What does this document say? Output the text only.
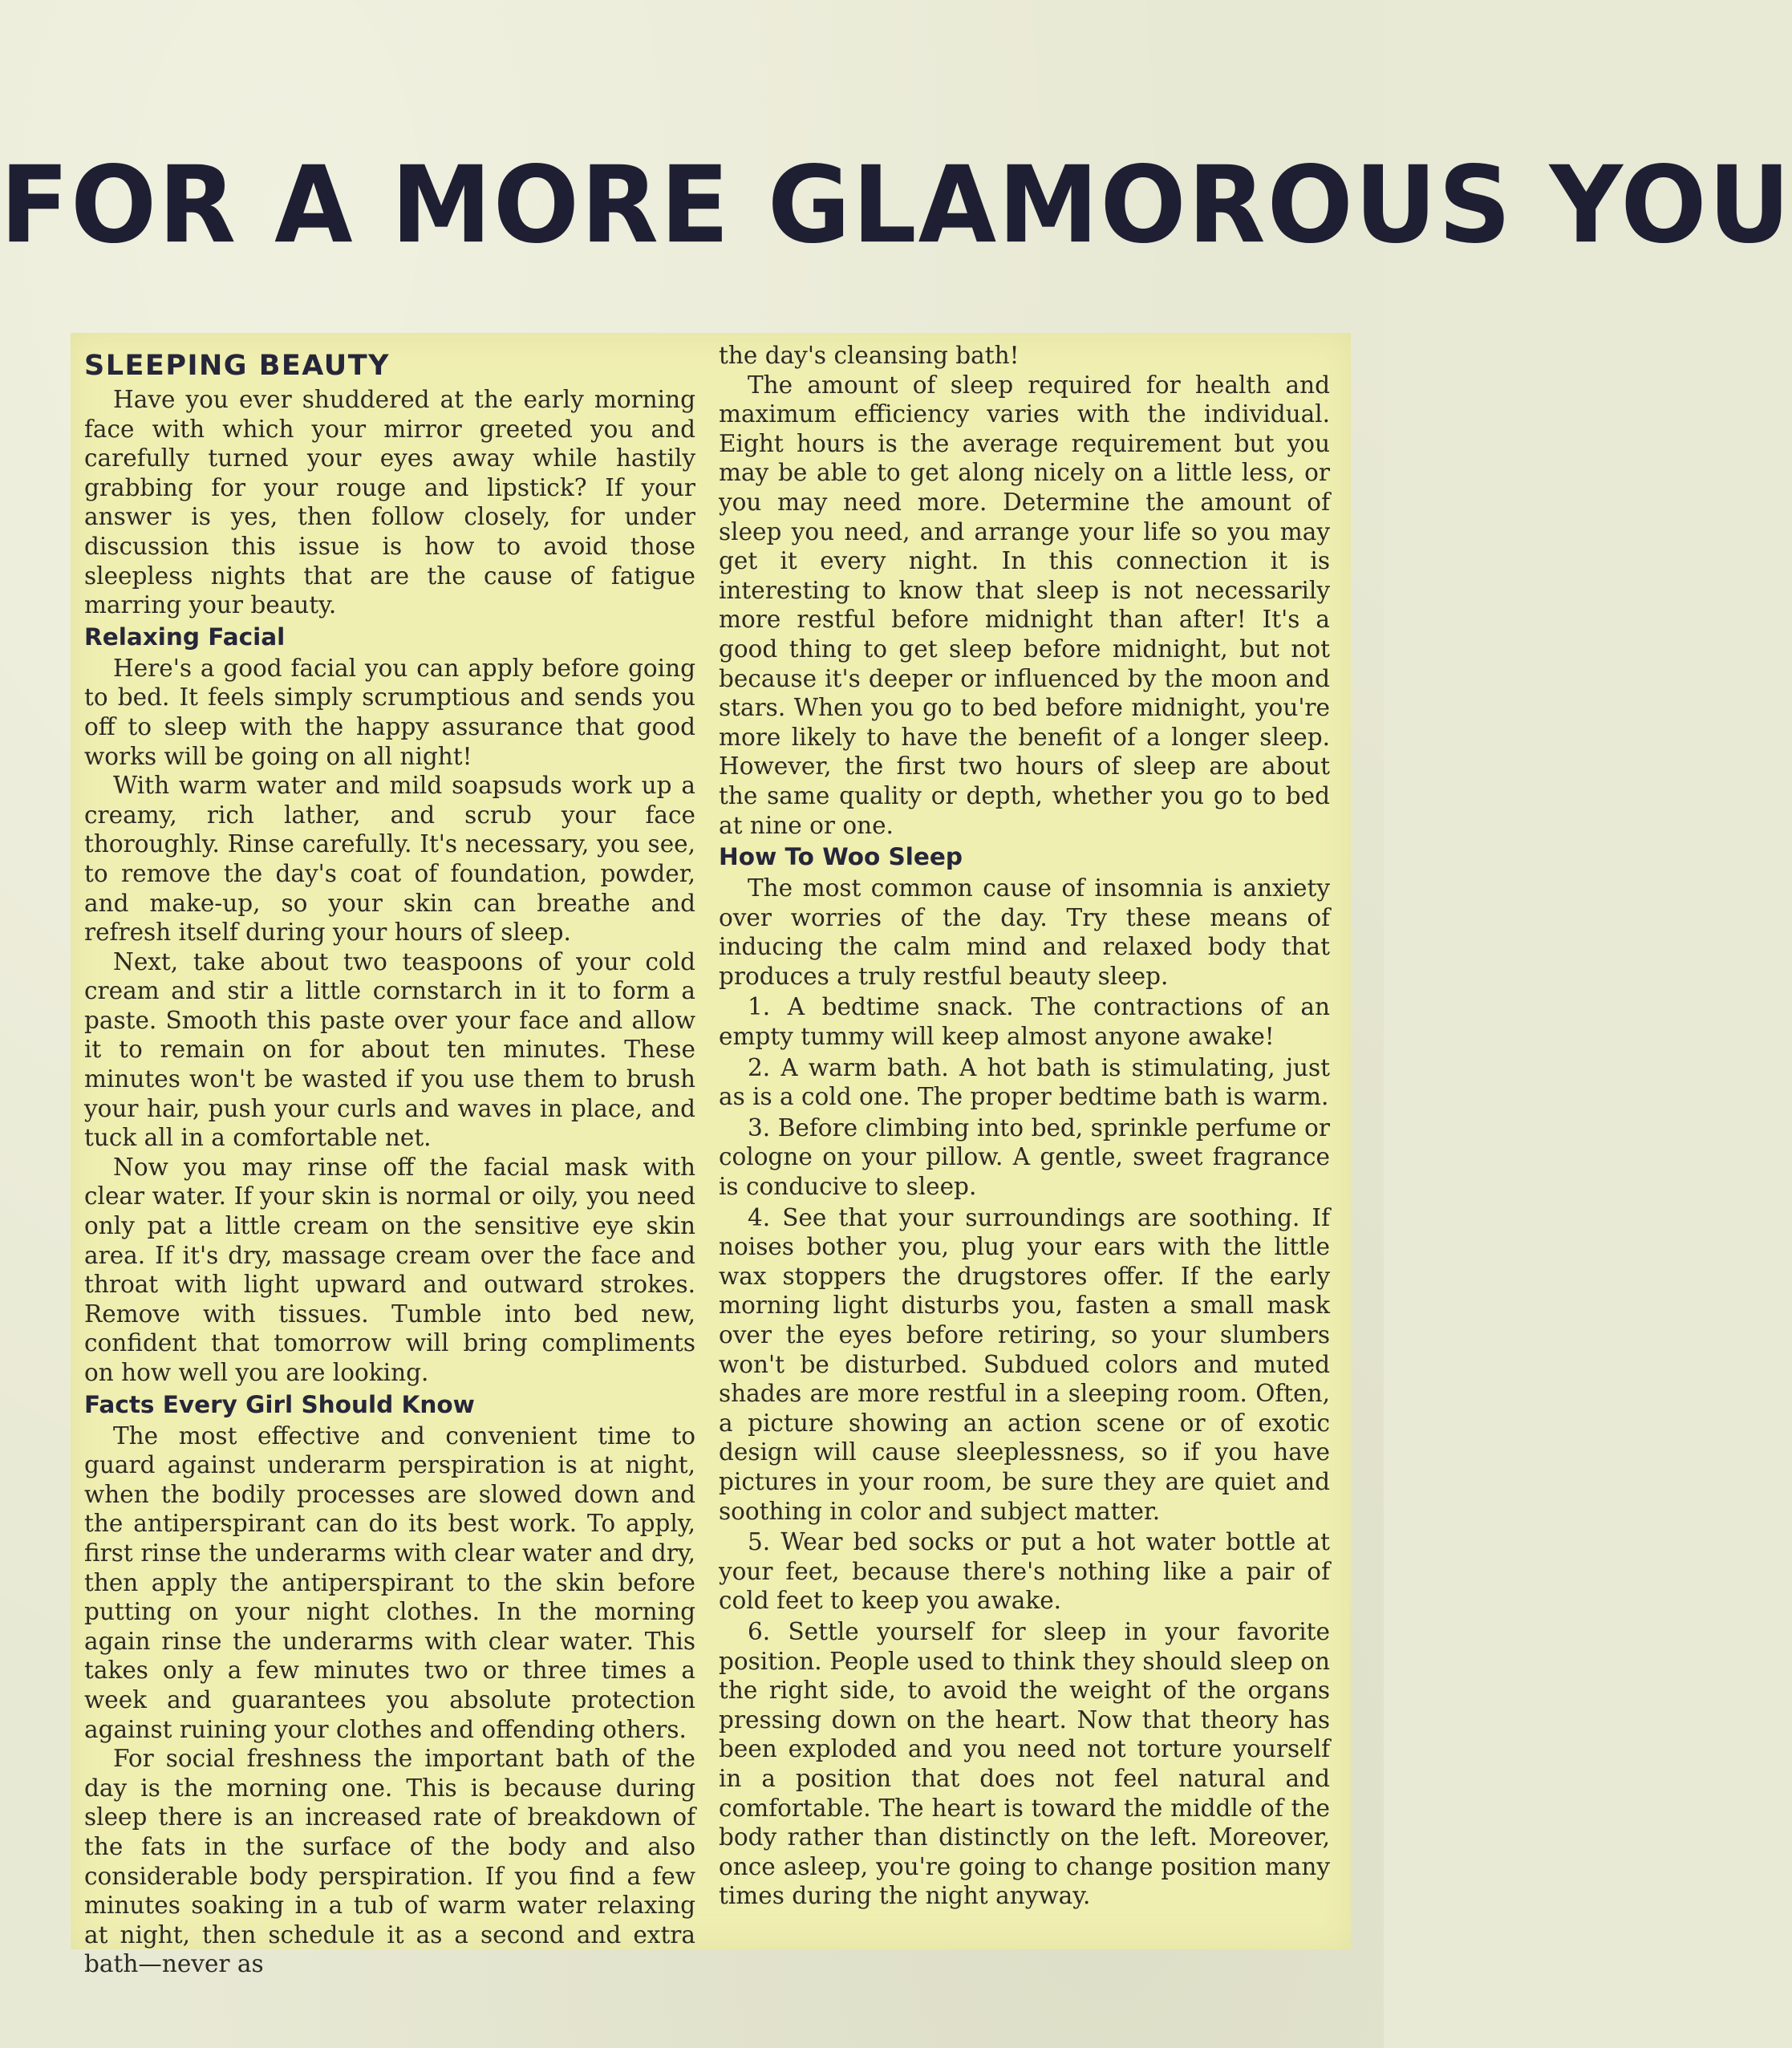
FOR A MORE GLAMOROUS YOU
SLEEPING BEAUTY

Have you ever shuddered at the early morning face with which your mirror greeted you and carefully turned your eyes away while hastily grabbing for your rouge and lipstick? If your answer is yes, then follow closely, for under discussion this issue is how to avoid those sleepless nights that are the cause of fatigue marring your beauty.

Relaxing Facial

Here's a good facial you can apply before going to bed. It feels simply scrumptious and sends you off to sleep with the happy assurance that good works will be going on all night!

With warm water and mild soapsuds work up a creamy, rich lather, and scrub your face thoroughly. Rinse carefully. It's necessary, you see, to remove the day's coat of foundation, powder, and make-up, so your skin can breathe and refresh itself during your hours of sleep.

Next, take about two teaspoons of your cold cream and stir a little cornstarch in it to form a paste. Smooth this paste over your face and allow it to remain on for about ten minutes. These minutes won't be wasted if you use them to brush your hair, push your curls and waves in place, and tuck all in a comfortable net.

Now you may rinse off the facial mask with clear water. If your skin is normal or oily, you need only pat a little cream on the sensitive eye skin area. If it's dry, massage cream over the face and throat with light upward and outward strokes. Remove with tissues. Tumble into bed new, confident that tomorrow will bring compliments on how well you are looking.

Facts Every Girl Should Know

The most effective and convenient time to guard against underarm perspiration is at night, when the bodily processes are slowed down and the antiperspirant can do its best work. To apply, first rinse the underarms with clear water and dry, then apply the antiperspirant to the skin before putting on your night clothes. In the morning again rinse the underarms with clear water. This takes only a few minutes two or three times a week and guarantees you absolute protection against ruining your clothes and offending others.

For social freshness the important bath of the day is the morning one. This is because during sleep there is an increased rate of breakdown of the fats in the surface of the body and also considerable body perspiration. If you find a few minutes soaking in a tub of warm water relaxing at night, then schedule it as a second and extra bath—never as

the day's cleansing bath!

The amount of sleep required for health and maximum efficiency varies with the individual. Eight hours is the average requirement but you may be able to get along nicely on a little less, or you may need more. Determine the amount of sleep you need, and arrange your life so you may get it every night. In this connection it is interesting to know that sleep is not necessarily more restful before midnight than after! It's a good thing to get sleep before midnight, but not because it's deeper or influenced by the moon and stars. When you go to bed before midnight, you're more likely to have the benefit of a longer sleep. However, the first two hours of sleep are about the same quality or depth, whether you go to bed at nine or one.

How To Woo Sleep

The most common cause of insomnia is anxiety over worries of the day. Try these means of inducing the calm mind and relaxed body that produces a truly restful beauty sleep.

1. A bedtime snack. The contractions of an empty tummy will keep almost anyone awake!

2. A warm bath. A hot bath is stimulating, just as is a cold one. The proper bedtime bath is warm.

3. Before climbing into bed, sprinkle perfume or cologne on your pillow. A gentle, sweet fragrance is conducive to sleep.

4. See that your surroundings are soothing. If noises bother you, plug your ears with the little wax stoppers the drugstores offer. If the early morning light disturbs you, fasten a small mask over the eyes before retiring, so your slumbers won't be disturbed. Subdued colors and muted shades are more restful in a sleeping room. Often, a picture showing an action scene or of exotic design will cause sleeplessness, so if you have pictures in your room, be sure they are quiet and soothing in color and subject matter.

5. Wear bed socks or put a hot water bottle at your feet, because there's nothing like a pair of cold feet to keep you awake.

6. Settle yourself for sleep in your favorite position. People used to think they should sleep on the right side, to avoid the weight of the organs pressing down on the heart. Now that theory has been exploded and you need not torture yourself in a position that does not feel natural and comfortable. The heart is toward the middle of the body rather than distinctly on the left. Moreover, once asleep, you're going to change position many times during the night anyway.
